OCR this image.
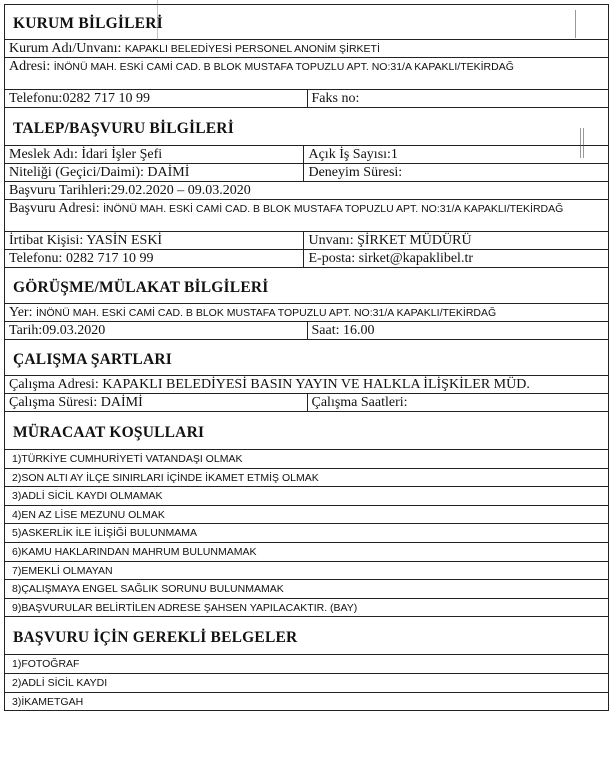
KURUM BİLGİLERİ
Kurum Adı/Unvanı: KAPAKLI BELEDİYESİ PERSONEL ANONİM ŞİRKETİ
Adresi: İNÖNÜ MAH. ESKİ CAMİ CAD. B BLOK MUSTAFA TOPUZLU APT. NO:31/A KAPAKLI/TEKİRDAĞ
Telefonu:0282 717 10 99	Faks no:
TALEP/BAŞVURU BİLGİLERİ
Meslek Adı: İdari İşler Şefi	Açık İş Sayısı:1
Niteliği (Geçici/Daimi): DAİMİ	Deneyim Süresi:
Başvuru Tarihleri:29.02.2020 – 09.03.2020
Başvuru Adresi: İNÖNÜ MAH. ESKİ CAMİ CAD. B BLOK MUSTAFA TOPUZLU APT. NO:31/A KAPAKLI/TEKİRDAĞ
İrtibat Kişisi: YASİN ESKİ	Unvanı: ŞİRKET MÜDÜRÜ
Telefonu: 0282 717 10 99	E-posta: sirket@kapaklibel.tr
GÖRÜŞME/MÜLAKAT BİLGİLERİ
Yer: İNÖNÜ MAH. ESKİ CAMİ CAD. B BLOK MUSTAFA TOPUZLU APT. NO:31/A KAPAKLI/TEKİRDAĞ
Tarih:09.03.2020	Saat: 16.00
ÇALIŞMA ŞARTLARI
Çalışma Adresi: KAPAKLI BELEDİYESİ BASIN YAYIN VE HALKLA İLİŞKİLER MÜD.
Çalışma Süresi: DAİMİ	Çalışma Saatleri:
MÜRACAAT KOŞULLARI
1)TÜRKİYE CUMHURİYETİ VATANDAŞI OLMAK
2)SON ALTI AY İLÇE SINIRLARI İÇİNDE İKAMET ETMİŞ OLMAK
3)ADLİ SİCİL KAYDI OLMAMAK
4)EN AZ LİSE MEZUNU OLMAK
5)ASKERLİK İLE İLİŞİĞİ BULUNMAMA
6)KAMU HAKLARINDAN MAHRUM BULUNMAMAK
7)EMEKLİ OLMAYAN
8)ÇALIŞMAYA ENGEL SAĞLIK SORUNU BULUNMAMAK
9)BAŞVURULAR BELİRTİLEN ADRESE ŞAHSEN YAPILACAKTIR. (BAY)
BAŞVURU İÇİN GEREKLİ BELGELER
1)FOTOĞRAF
2)ADLİ SİCİL KAYDI
3)İKAMETGAH
